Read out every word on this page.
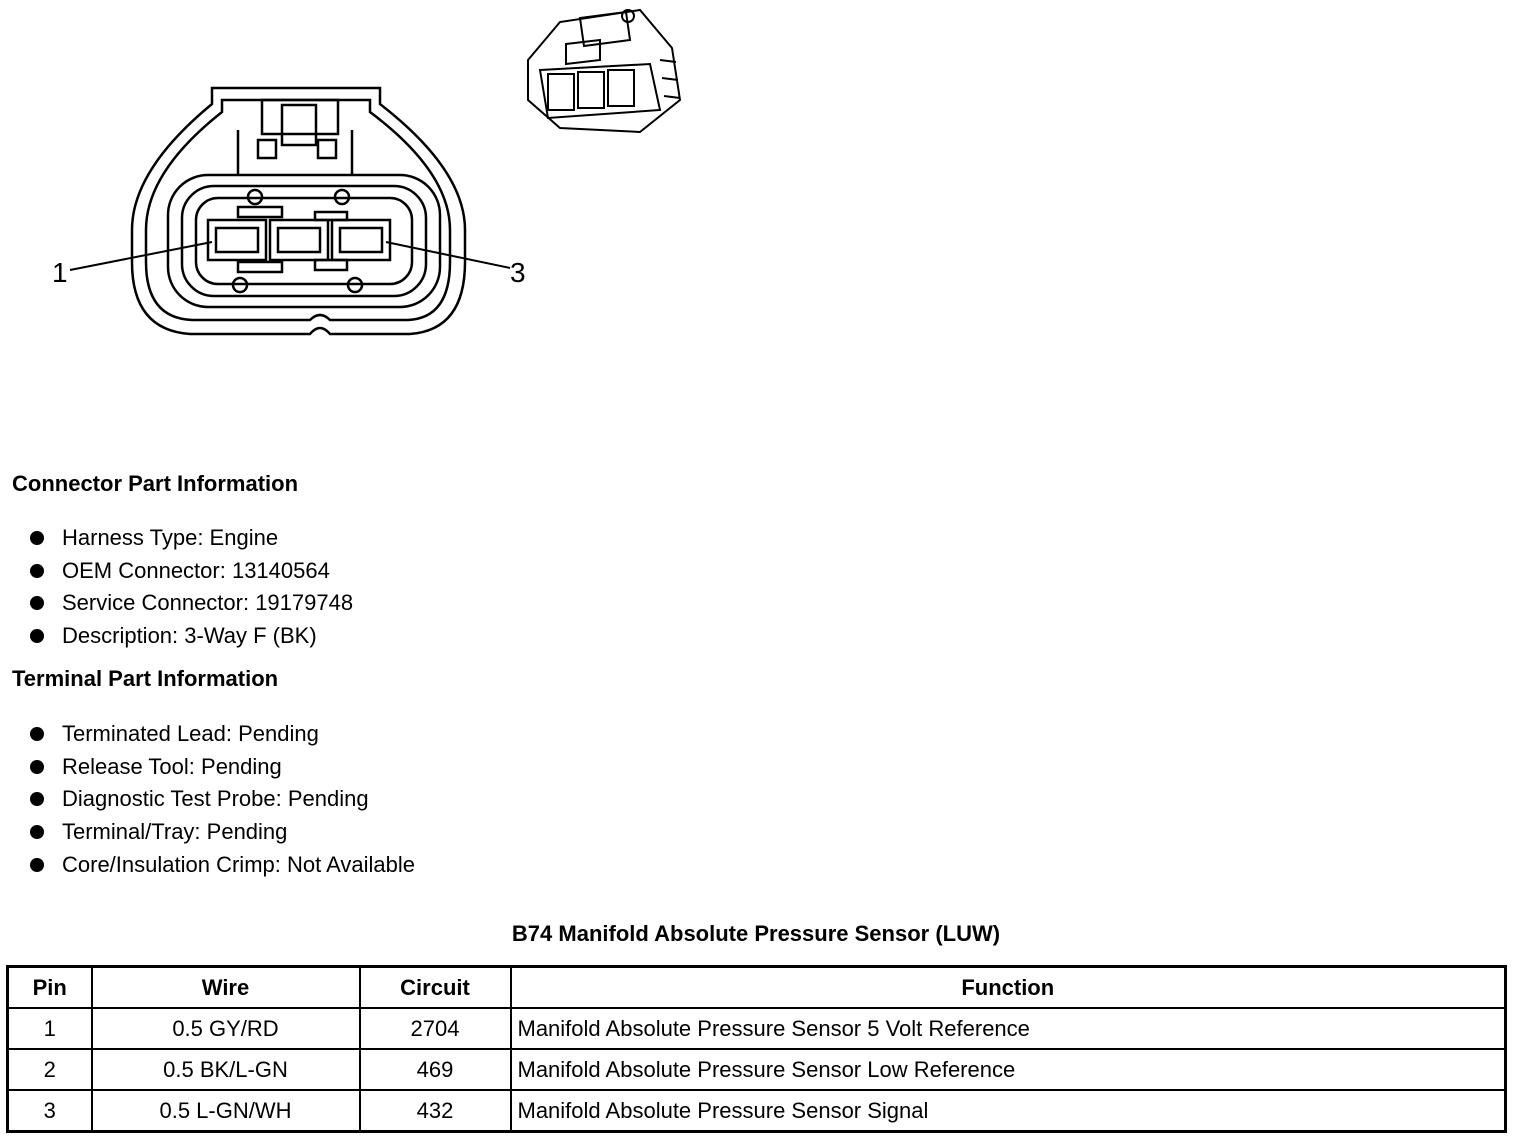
1	3
Connector Part Information
Harness Type: Engine
OEM Connector: 13140564
Service Connector: 19179748
Description: 3-Way F (BK)
Terminal Part Information
Terminated Lead: Pending
Release Tool: Pending
Diagnostic Test Probe: Pending
Terminal/Tray: Pending
Core/Insulation Crimp: Not Available
B74 Manifold Absolute Pressure Sensor (LUW)
Pin	Wire	Circuit	Function
1	0.5 GY/RD	2704	Manifold Absolute Pressure Sensor 5 Volt Reference
2	0.5 BK/L-GN	469	Manifold Absolute Pressure Sensor Low Reference
3	0.5 L-GN/WH	432	Manifold Absolute Pressure Sensor Signal
